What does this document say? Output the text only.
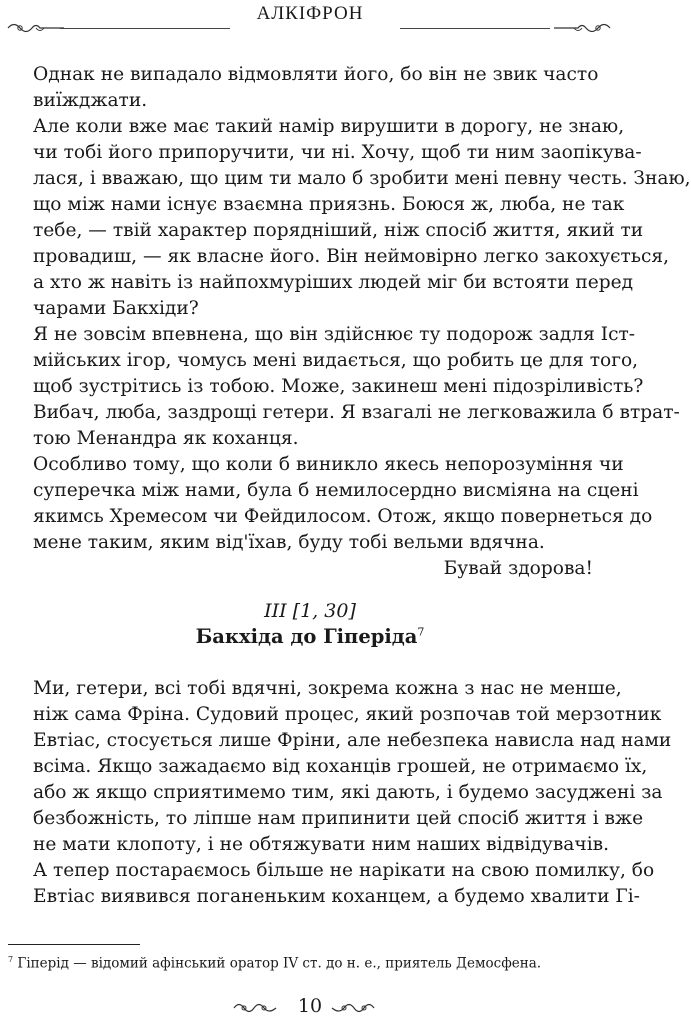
АЛКІФРОН
Однак не випадало відмовляти його, бо він не звик часто
виїжджати.
Але коли вже має такий намір вирушити в дорогу, не знаю,
чи тобі його припоручити, чи ні. Хочу, щоб ти ним заопікува-
лася, і вважаю, що цим ти мало б зробити мені певну честь. Знаю,
що між нами існує взаємна приязнь. Боюся ж, люба, не так
тебе, — твій характер порядніший, ніж спосіб життя, який ти
провадиш, — як власне його. Він неймовірно легко закохується,
а хто ж навіть із найпохмуріших людей міг би встояти перед
чарами Бакхіди?
Я не зовсім впевнена, що він здійснює ту подорож задля Іст-
мійських ігор, чомусь мені видається, що робить це для того,
щоб зустрітись із тобою. Може, закинеш мені підозріливість?
Вибач, люба, заздрощі гетери. Я взагалі не легковажила б втрат-
тою Менандра як коханця.
Особливо тому, що коли б виникло якесь непорозуміння чи
суперечка між нами, була б немилосердно висміяна на сцені
якимсь Хремесом чи Фейдилосом. Отож, якщо повернеться до
мене таким, яким від'їхав, буду тобі вельми вдячна.
Бувай здорова!
III [1, 30]
Бакхіда до Гіперіда$^7$
Ми, гетери, всі тобі вдячні, зокрема кожна з нас не менше,
ніж сама Фріна. Судовий процес, який розпочав той мерзотник
Евтіас, стосується лише Фріни, але небезпека нависла над нами
всіма. Якщо зажадаємо від коханців грошей, не отримаємо їх,
або ж якщо сприятимемо тим, які дають, і будемо засуджені за
безбожність, то ліпше нам припинити цей спосіб життя і вже
не мати клопоту, і не обтяжувати ним наших відвідувачів.
А тепер постараємось більше не нарікати на свою помилку, бо
Евтіас виявився поганеньким коханцем, а будемо хвалити Гі-
$^7$ Гіперід — відомий афінський оратор IV ст. до н. е., приятель Демосфена.
10
